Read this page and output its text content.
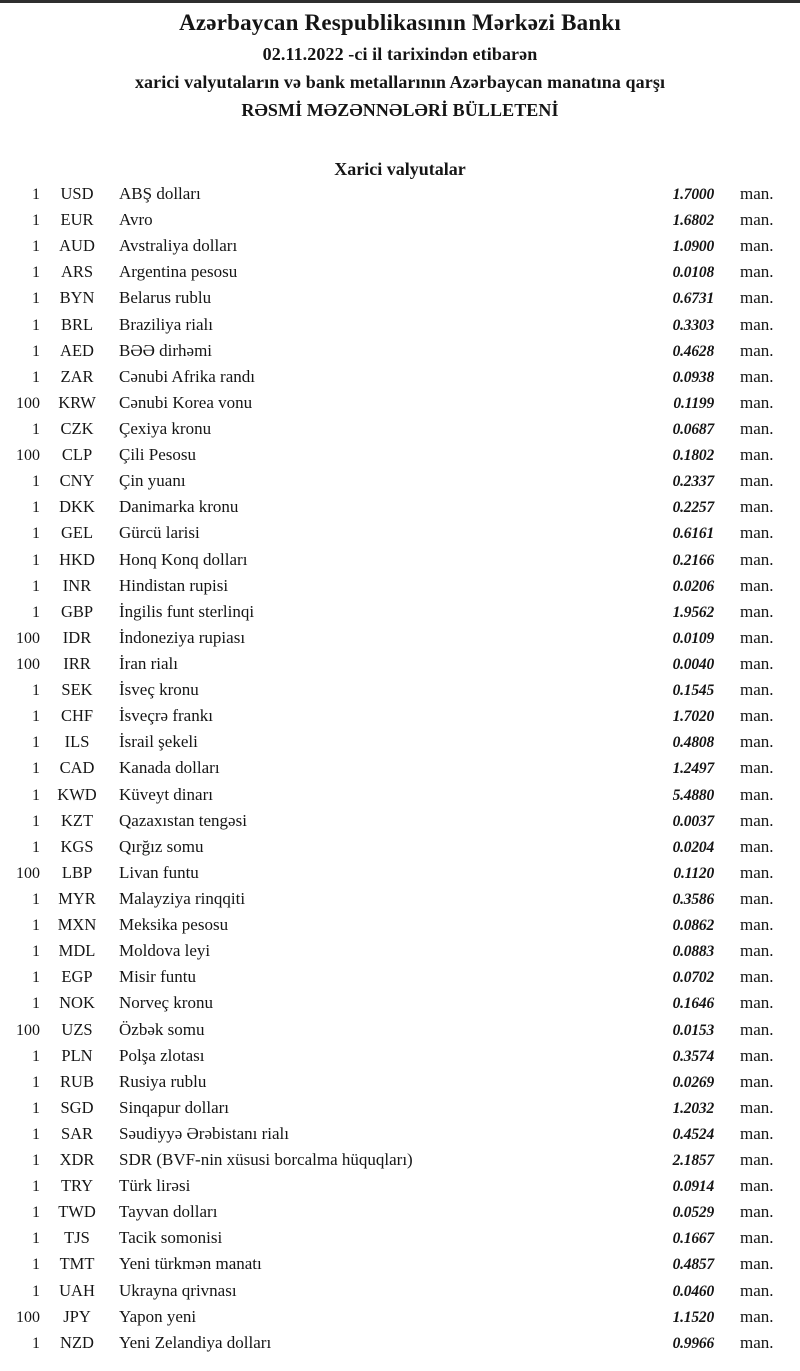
Azərbaycan Respublikasının Mərkəzi Bankı
02.11.2022 -ci il tarixindən etibarən
xarici valyutaların və bank metallarının Azərbaycan manatına qarşı
RƏSMİ MƏZƏNNƏLƏRİ BÜLLETENİ
Xarici valyutalar
1	USD	ABŞ dolları	1.7000	man.
1	EUR	Avro	1.6802	man.
1	AUD	Avstraliya dolları	1.0900	man.
1	ARS	Argentina pesosu	0.0108	man.
1	BYN	Belarus rublu	0.6731	man.
1	BRL	Braziliya rialı	0.3303	man.
1	AED	BƏƏ dirhəmi	0.4628	man.
1	ZAR	Cənubi Afrika randı	0.0938	man.
100	KRW	Cənubi Korea vonu	0.1199	man.
1	CZK	Çexiya kronu	0.0687	man.
100	CLP	Çili Pesosu	0.1802	man.
1	CNY	Çin yuanı	0.2337	man.
1	DKK	Danimarka kronu	0.2257	man.
1	GEL	Gürcü larisi	0.6161	man.
1	HKD	Honq Konq dolları	0.2166	man.
1	INR	Hindistan rupisi	0.0206	man.
1	GBP	İngilis funt sterlinqi	1.9562	man.
100	IDR	İndoneziya rupiası	0.0109	man.
100	IRR	İran rialı	0.0040	man.
1	SEK	İsveç kronu	0.1545	man.
1	CHF	İsveçrə frankı	1.7020	man.
1	ILS	İsrail şekeli	0.4808	man.
1	CAD	Kanada dolları	1.2497	man.
1	KWD	Küveyt dinarı	5.4880	man.
1	KZT	Qazaxıstan tengəsi	0.0037	man.
1	KGS	Qırğız somu	0.0204	man.
100	LBP	Livan funtu	0.1120	man.
1	MYR	Malayziya rinqqiti	0.3586	man.
1	MXN	Meksika pesosu	0.0862	man.
1	MDL	Moldova leyi	0.0883	man.
1	EGP	Misir funtu	0.0702	man.
1	NOK	Norveç kronu	0.1646	man.
100	UZS	Özbək somu	0.0153	man.
1	PLN	Polşa zlotası	0.3574	man.
1	RUB	Rusiya rublu	0.0269	man.
1	SGD	Sinqapur dolları	1.2032	man.
1	SAR	Səudiyyə Ərəbistanı rialı	0.4524	man.
1	XDR	SDR (BVF-nin xüsusi borcalma hüquqları)	2.1857	man.
1	TRY	Türk lirəsi	0.0914	man.
1	TWD	Tayvan dolları	0.0529	man.
1	TJS	Tacik somonisi	0.1667	man.
1	TMT	Yeni türkmən manatı	0.4857	man.
1	UAH	Ukrayna qrivnası	0.0460	man.
100	JPY	Yapon yeni	1.1520	man.
1	NZD	Yeni Zelandiya dolları	0.9966	man.
